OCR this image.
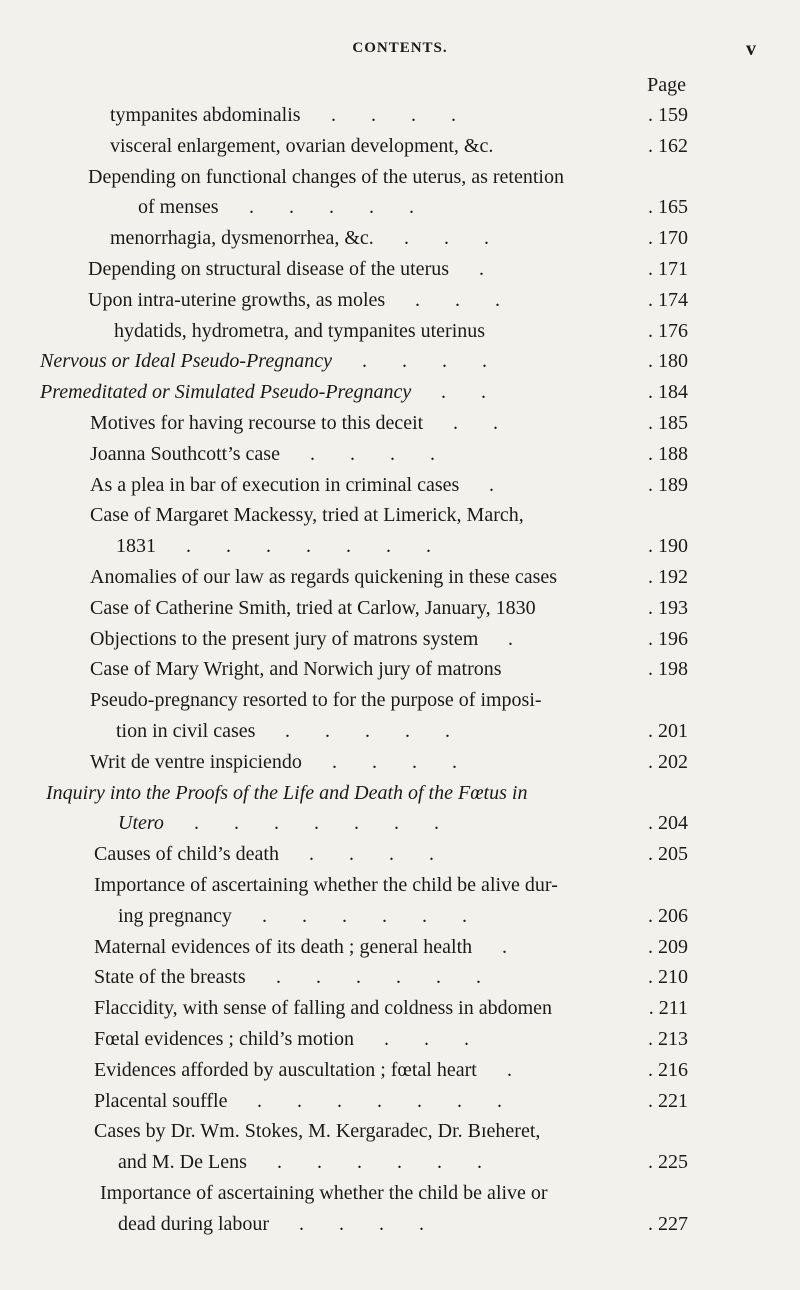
CONTENTS.	v
Page
tympanites abdominalis .       .       .       .	. 159
visceral enlargement, ovarian development, &c.	. 162
Depending on functional changes of the uterus, as retention
of menses .       .       .       .       .	. 165
menorrhagia, dysmenorrhea, &c. .       .       .	. 170
Depending on structural disease of the uterus .	. 171
Upon intra-uterine growths, as moles .       .       .	. 174
hydatids, hydrometra, and tympanites uterinus	. 176
Nervous or Ideal Pseudo-Pregnancy .       .       .       .	. 180
Premeditated or Simulated Pseudo-Pregnancy .       .	. 184
Motives for having recourse to this deceit .       .	. 185
Joanna Southcott’s case .       .       .       .	. 188
As a plea in bar of execution in criminal cases .	. 189
Case of Margaret Mackessy, tried at Limerick, March,
1831 .       .       .       .       .       .       .	. 190
Anomalies of our law as regards quickening in these cases	. 192
Case of Catherine Smith, tried at Carlow, January, 1830	. 193
Objections to the present jury of matrons system .	. 196
Case of Mary Wright, and Norwich jury of matrons	. 198
Pseudo-pregnancy resorted to for the purpose of imposi-
tion in civil cases .       .       .       .       .	. 201
Writ de ventre inspiciendo .       .       .       .	. 202
Inquiry into the Proofs of the Life and Death of the Fœtus in
Utero .       .       .       .       .       .       .	. 204
Causes of child’s death .       .       .       .	. 205
Importance of ascertaining whether the child be alive dur-
ing pregnancy .       .       .       .       .       .	. 206
Maternal evidences of its death ; general health .	. 209
State of the breasts .       .       .       .       .       .	. 210
Flaccidity, with sense of falling and coldness in abdomen	. 211
Fœtal evidences ; child’s motion .       .       .	. 213
Evidences afforded by auscultation ; fœtal heart .	. 216
Placental souffle .       .       .       .       .       .       .	. 221
Cases by Dr. Wm. Stokes, M. Kergaradec, Dr. Bɪeheret,
and M. De Lens .       .       .       .       .       .	. 225
Importance of ascertaining whether the child be alive or
dead during labour .       .       .       .	. 227
